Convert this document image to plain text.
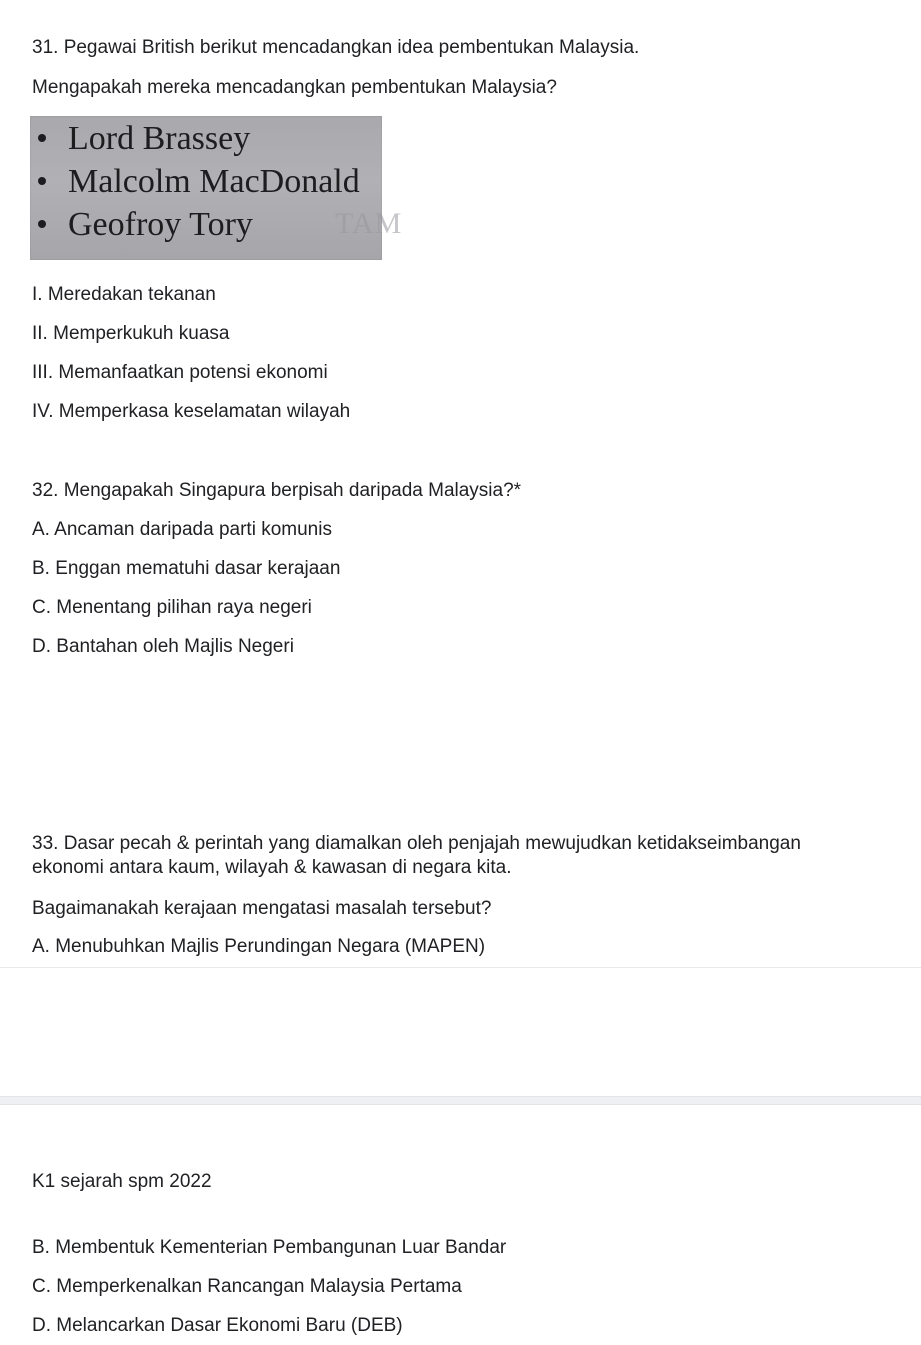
31. Pegawai British berikut mencadangkan idea pembentukan Malaysia.
Mengapakah mereka mencadangkan pembentukan Malaysia?
Lord Brassey
Malcolm MacDonald
Geofroy Tory	TAM
I. Meredakan tekanan
II. Memperkukuh kuasa
III. Memanfaatkan potensi ekonomi
IV. Memperkasa keselamatan wilayah
32. Mengapakah Singapura berpisah daripada Malaysia?*
A. Ancaman daripada parti komunis
B. Enggan mematuhi dasar kerajaan
C. Menentang pilihan raya negeri
D. Bantahan oleh Majlis Negeri
33. Dasar pecah & perintah yang diamalkan oleh penjajah mewujudkan ketidakseimbangan ekonomi antara kaum, wilayah & kawasan di negara kita.
Bagaimanakah kerajaan mengatasi masalah tersebut?
A. Menubuhkan Majlis Perundingan Negara (MAPEN)
K1 sejarah spm 2022
B. Membentuk Kementerian Pembangunan Luar Bandar
C. Memperkenalkan Rancangan Malaysia Pertama
D. Melancarkan Dasar Ekonomi Baru (DEB)
